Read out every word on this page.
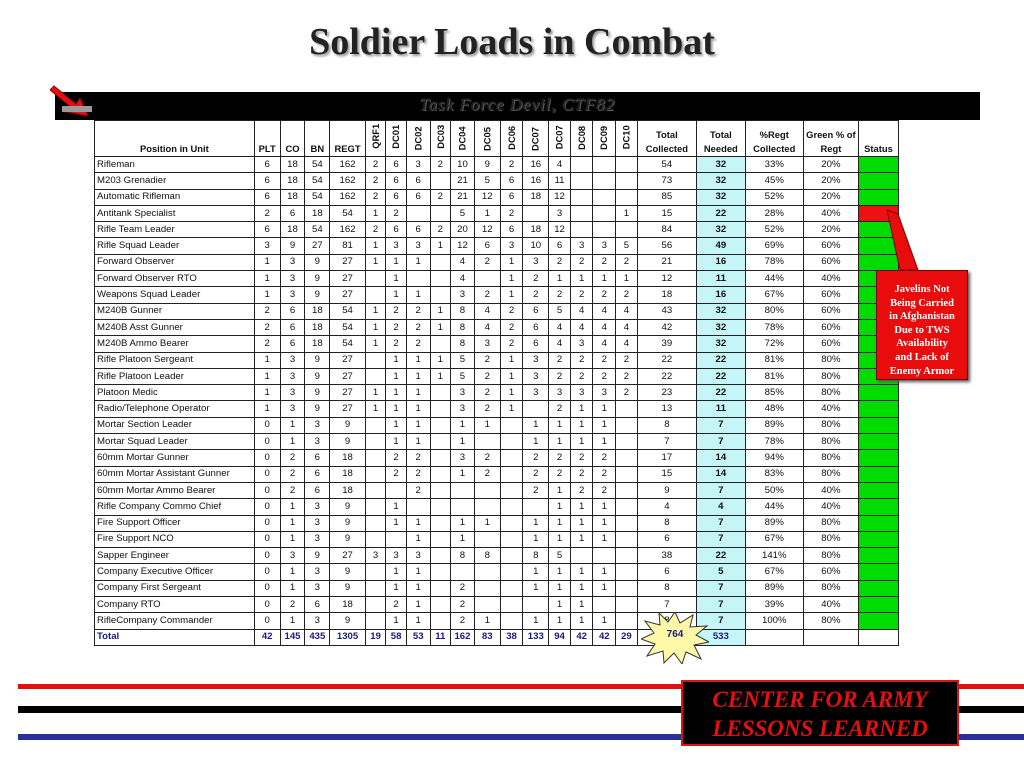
Soldier Loads in Combat
Task Force Devil, CTF82
Position in Unit	PLT	CO	BN	REGT	QRF1	DC01	DC02	DC03	DC04	DC05	DC06	DC07	DC07	DC08	DC09	DC10	Total Collected	Total Needed	%Regt Collected	Green % of Regt	Status
Rifleman	6	18	54	162	2	6	3	2	10	9	2	16	4				54	32	33%	20%	
M203 Grenadier	6	18	54	162	2	6	6		21	5	6	16	11				73	32	45%	20%	
Automatic Rifleman	6	18	54	162	2	6	6	2	21	12	6	18	12				85	32	52%	20%	
Antitank Specialist	2	6	18	54	1	2			5	1	2		3			1	15	22	28%	40%	
Rifle Team Leader	6	18	54	162	2	6	6	2	20	12	6	18	12				84	32	52%	20%	
Rifle Squad Leader	3	9	27	81	1	3	3	1	12	6	3	10	6	3	3	5	56	49	69%	60%	
Forward Observer	1	3	9	27	1	1	1		4	2	1	3	2	2	2	2	21	16	78%	60%	
Forward Observer RTO	1	3	9	27		1			4		1	2	1	1	1	1	12	11	44%	40%	
Weapons Squad Leader	1	3	9	27		1	1		3	2	1	2	2	2	2	2	18	16	67%	60%	
M240B Gunner	2	6	18	54	1	2	2	1	8	4	2	6	5	4	4	4	43	32	80%	60%	
M240B Asst Gunner	2	6	18	54	1	2	2	1	8	4	2	6	4	4	4	4	42	32	78%	60%	
M240B Ammo Bearer	2	6	18	54	1	2	2		8	3	2	6	4	3	4	4	39	32	72%	60%	
Rifle Platoon Sergeant	1	3	9	27		1	1	1	5	2	1	3	2	2	2	2	22	22	81%	80%	
Rifle Platoon Leader	1	3	9	27		1	1	1	5	2	1	3	2	2	2	2	22	22	81%	80%	
Platoon Medic	1	3	9	27	1	1	1		3	2	1	3	3	3	3	2	23	22	85%	80%	
Radio/Telephone Operator	1	3	9	27	1	1	1		3	2	1		2	1	1		13	11	48%	40%	
Mortar Section Leader	0	1	3	9		1	1		1	1		1	1	1	1		8	7	89%	80%	
Mortar Squad Leader	0	1	3	9		1	1		1			1	1	1	1		7	7	78%	80%	
60mm Mortar Gunner	0	2	6	18		2	2		3	2		2	2	2	2		17	14	94%	80%	
60mm Mortar Assistant Gunner	0	2	6	18		2	2		1	2		2	2	2	2		15	14	83%	80%	
60mm Mortar Ammo Bearer	0	2	6	18			2					2	1	2	2		9	7	50%	40%	
Rifle Company Commo Chief	0	1	3	9		1							1	1	1		4	4	44%	40%	
Fire Support Officer	0	1	3	9		1	1		1	1		1	1	1	1		8	7	89%	80%	
Fire Support NCO	0	1	3	9			1		1			1	1	1	1		6	7	67%	80%	
Sapper Engineer	0	3	9	27	3	3	3		8	8		8	5				38	22	141%	80%	
Company Executive Officer	0	1	3	9		1	1					1	1	1	1		6	5	67%	60%	
Company First Sergeant	0	1	3	9		1	1		2			1	1	1	1		8	7	89%	80%	
Company RTO	0	2	6	18		2	1		2				1	1			7	7	39%	40%	
RifleCompany Commander	0	1	3	9		1	1		2	1		1	1	1	1			7	100%	80%	
Total	42	145	435	1305	19	58	53	11	162	83	38	133	94	42	42	29		533			
Javelins Not
Being Carried
in Afghanistan
Due to TWS
Availability
and Lack of
Enemy Armor
764
CENTER FOR ARMY
LESSONS LEARNED
